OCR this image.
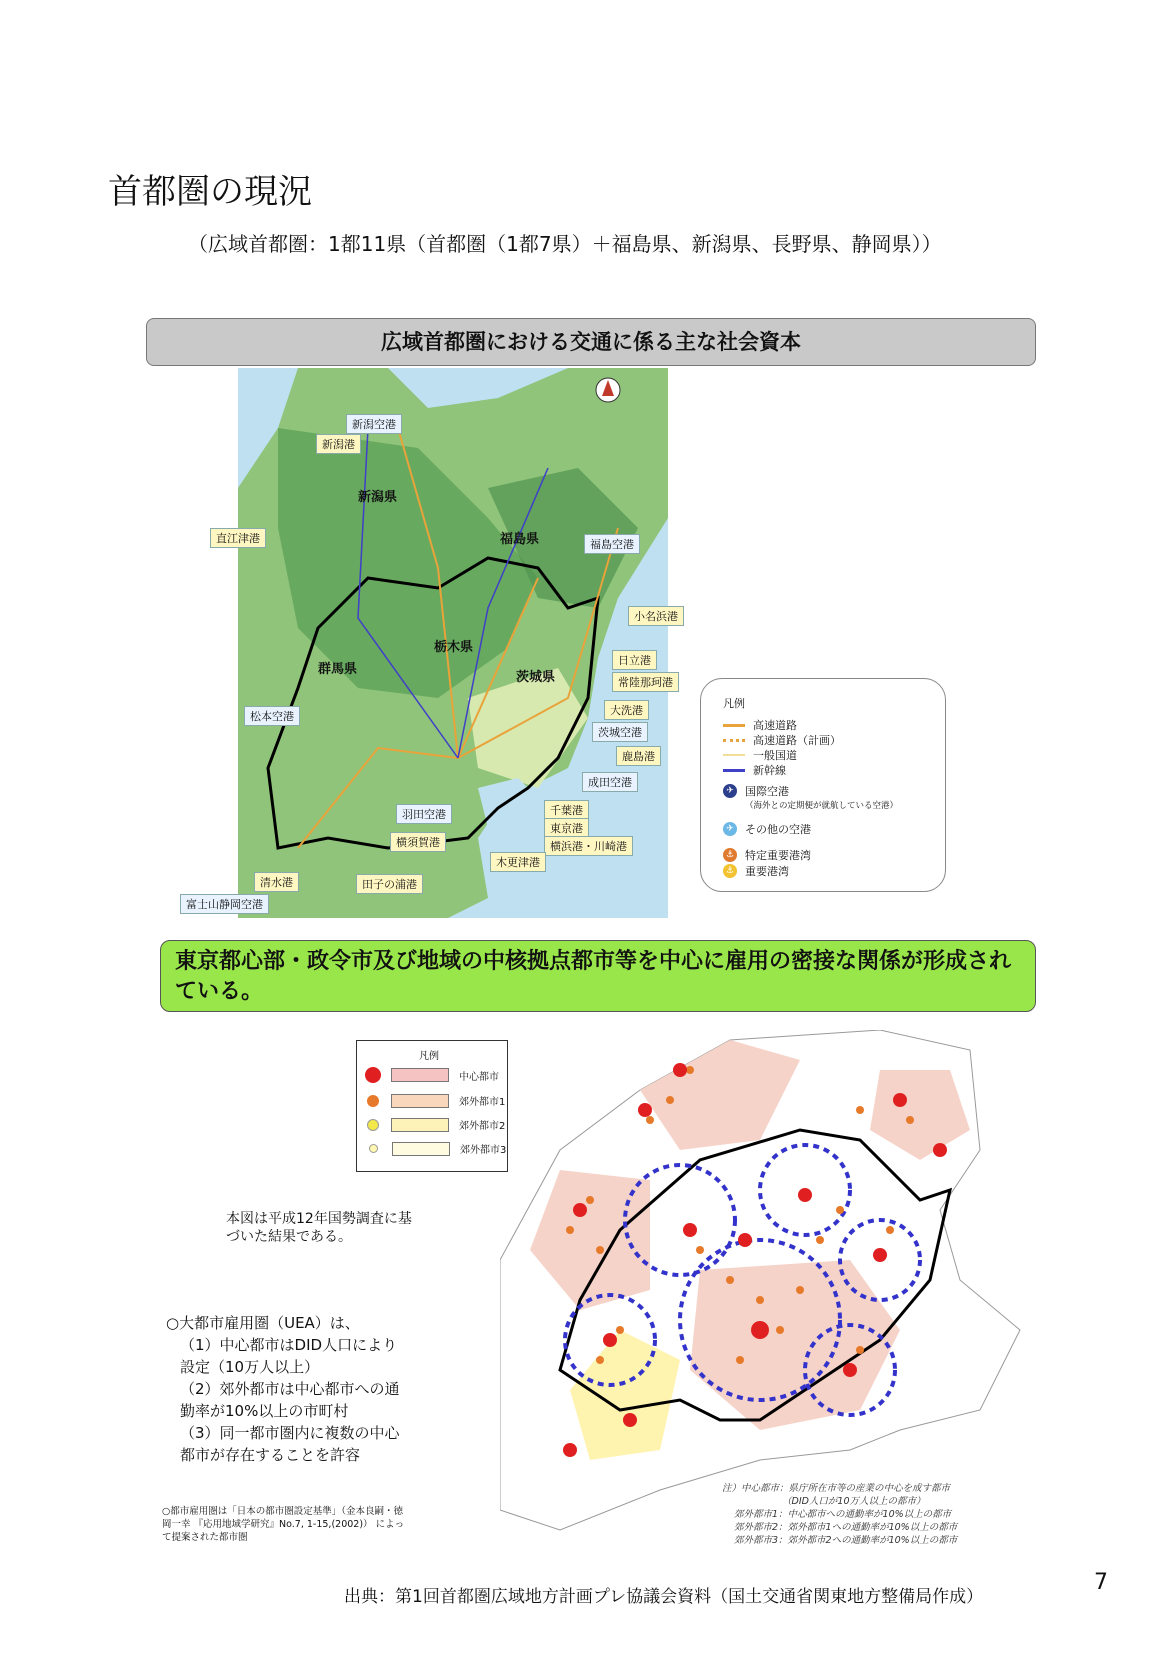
首都圏の現況
（広域首都圏：1都11県（首都圏（1都7県）＋福島県、新潟県、長野県、静岡県））
広域首都圏における交通に係る主な社会資本
新潟県
福島県
栃木県
群馬県
茨城県
新潟空港
新潟港
直江津港	福島空港
小名浜港
日立港
常陸那珂港
大洗港
茨城空港
鹿島港
松本空港
成田空港
千葉港
羽田空港
東京港
横浜港・川崎港
横須賀港
木更津港
田子の浦港
清水港
富士山静岡空港
凡例
高速道路
高速道路（計画）
一般国道
新幹線
✈ 国際空港
（海外との定期便が就航している空港）
✈ その他の空港
⚓ 特定重要港湾
⚓ 重要港湾
東京都心部・政令市及び地域の中核拠点都市等を中心に雇用の密接な関係が形成されている。
凡例
中心都市
郊外都市1
郊外都市2
郊外都市3
本図は平成12年国勢調査に基づいた結果である。
○大都市雇用圏（UEA）は、
（1）中心都市はDID人口により設定（10万人以上）
（2）郊外都市は中心都市への通勤率が10%以上の市町村
（3）同一都市圏内に複数の中心都市が存在することを許容
○都市雇用圏は「日本の都市圏設定基準」（金本良嗣・徳岡一幸 『応用地域学研究』No.7, 1-15,(2002)） によって提案された都市圏
注）中心都市：県庁所在市等の産業の中心を成す都市
（DID人口が10万人以上の都市）
郊外都市1：中心都市への通勤率が10%以上の都市
郊外都市2：郊外都市1への通勤率が10%以上の都市
郊外都市3：郊外都市2への通勤率が10%以上の都市
出典：第1回首都圏広域地方計画プレ協議会資料（国土交通省関東地方整備局作成）
7
